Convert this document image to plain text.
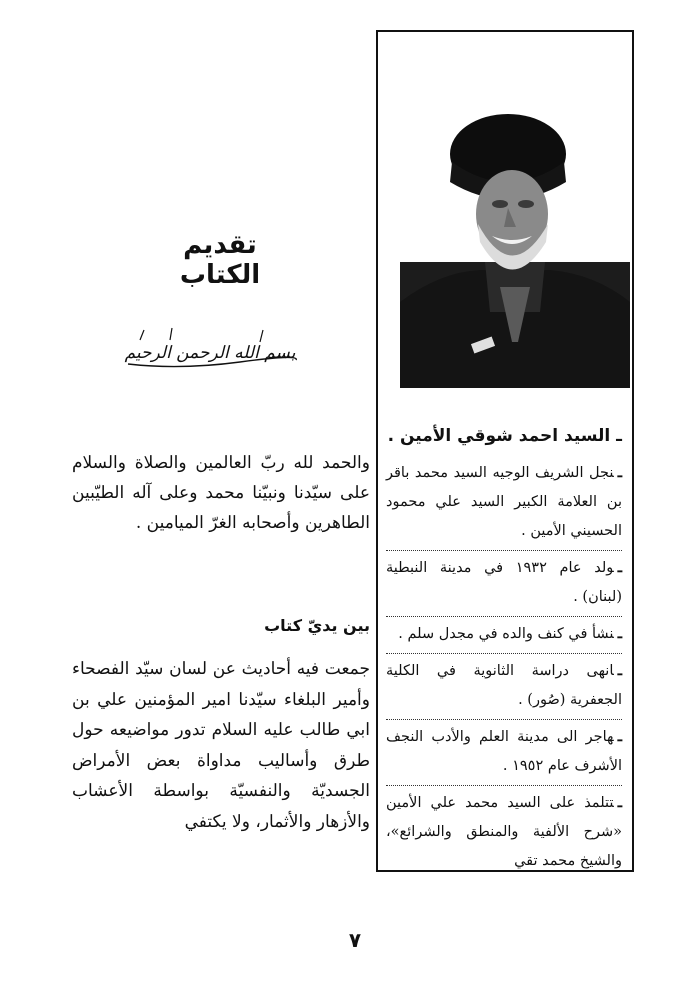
ـ السيد احمد شوقي الأمين .
ـنجل الشريف الوجيه السيد محمد باقر بن العلامة الكبير السيد علي محمود الحسيني الأمين .
ـولد عام ١٩٣٢ في مدينة النبطية (لبنان) .
ـنشأ في كنف والده في مجدل سلم .
ـانهى دراسة الثانوية في الكلية الجعفرية (صُور) .
ـهاجر الى مدينة العلم والأدب النجف الأشرف عام ١٩٥٢ .
ـتتلمذ على السيد محمد علي الأمين «شرح الألفية والمنطق والشرائع»، والشيخ محمد تقي
تقديم الكتاب
بسم الله الرحمن الرحيم

والحمد لله ربّ العالمين والصلاة والسلام على سيّدنا ونبيّنا محمد وعلى آله الطيّبين الطاهرين وأصحابه الغرّ الميامين .

بين يديّ كتاب

جمعت فيه أحاديث عن لسان سيّد الفصحاء وأمير البلغاء سيّدنا امير المؤمنين علي بن ابي طالب عليه السلام تدور مواضيعه حول طرق وأساليب مداواة بعض الأمراض الجسديّة والنفسيّة بواسطة الأعشاب والأزهار والأثمار، ولا يكتفي

٧
